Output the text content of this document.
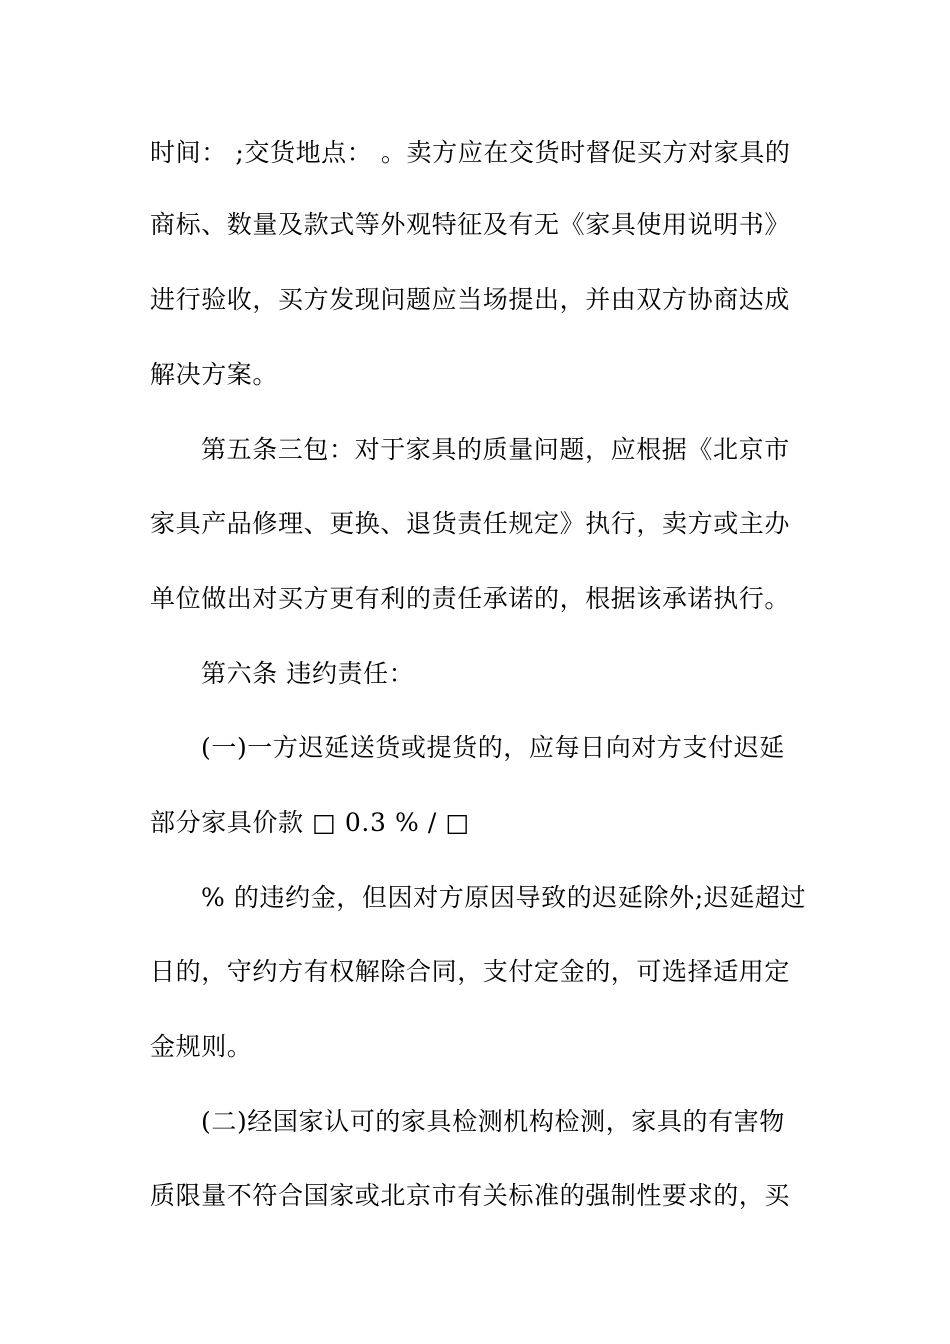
时间： ;交货地点： 。卖方应在交货时督促买方对家具的
商标、数量及款式等外观特征及有无《家具使用说明书》
进行验收，买方发现问题应当场提出，并由双方协商达成
解决方案。
第五条三包：对于家具的质量问题，应根据《北京市
家具产品修理、更换、退货责任规定》执行，卖方或主办
单位做出对买方更有利的责任承诺的，根据该承诺执行。
第六条 违约责任：
(一)一方迟延送货或提货的，应每日向对方支付迟延
部分家具价款 □ 0.3 % / □
% 的违约金，但因对方原因导致的迟延除外;迟延超过
日的，守约方有权解除合同，支付定金的，可选择适用定
金规则。
(二)经国家认可的家具检测机构检测，家具的有害物
质限量不符合国家或北京市有关标准的强制性要求的，买
